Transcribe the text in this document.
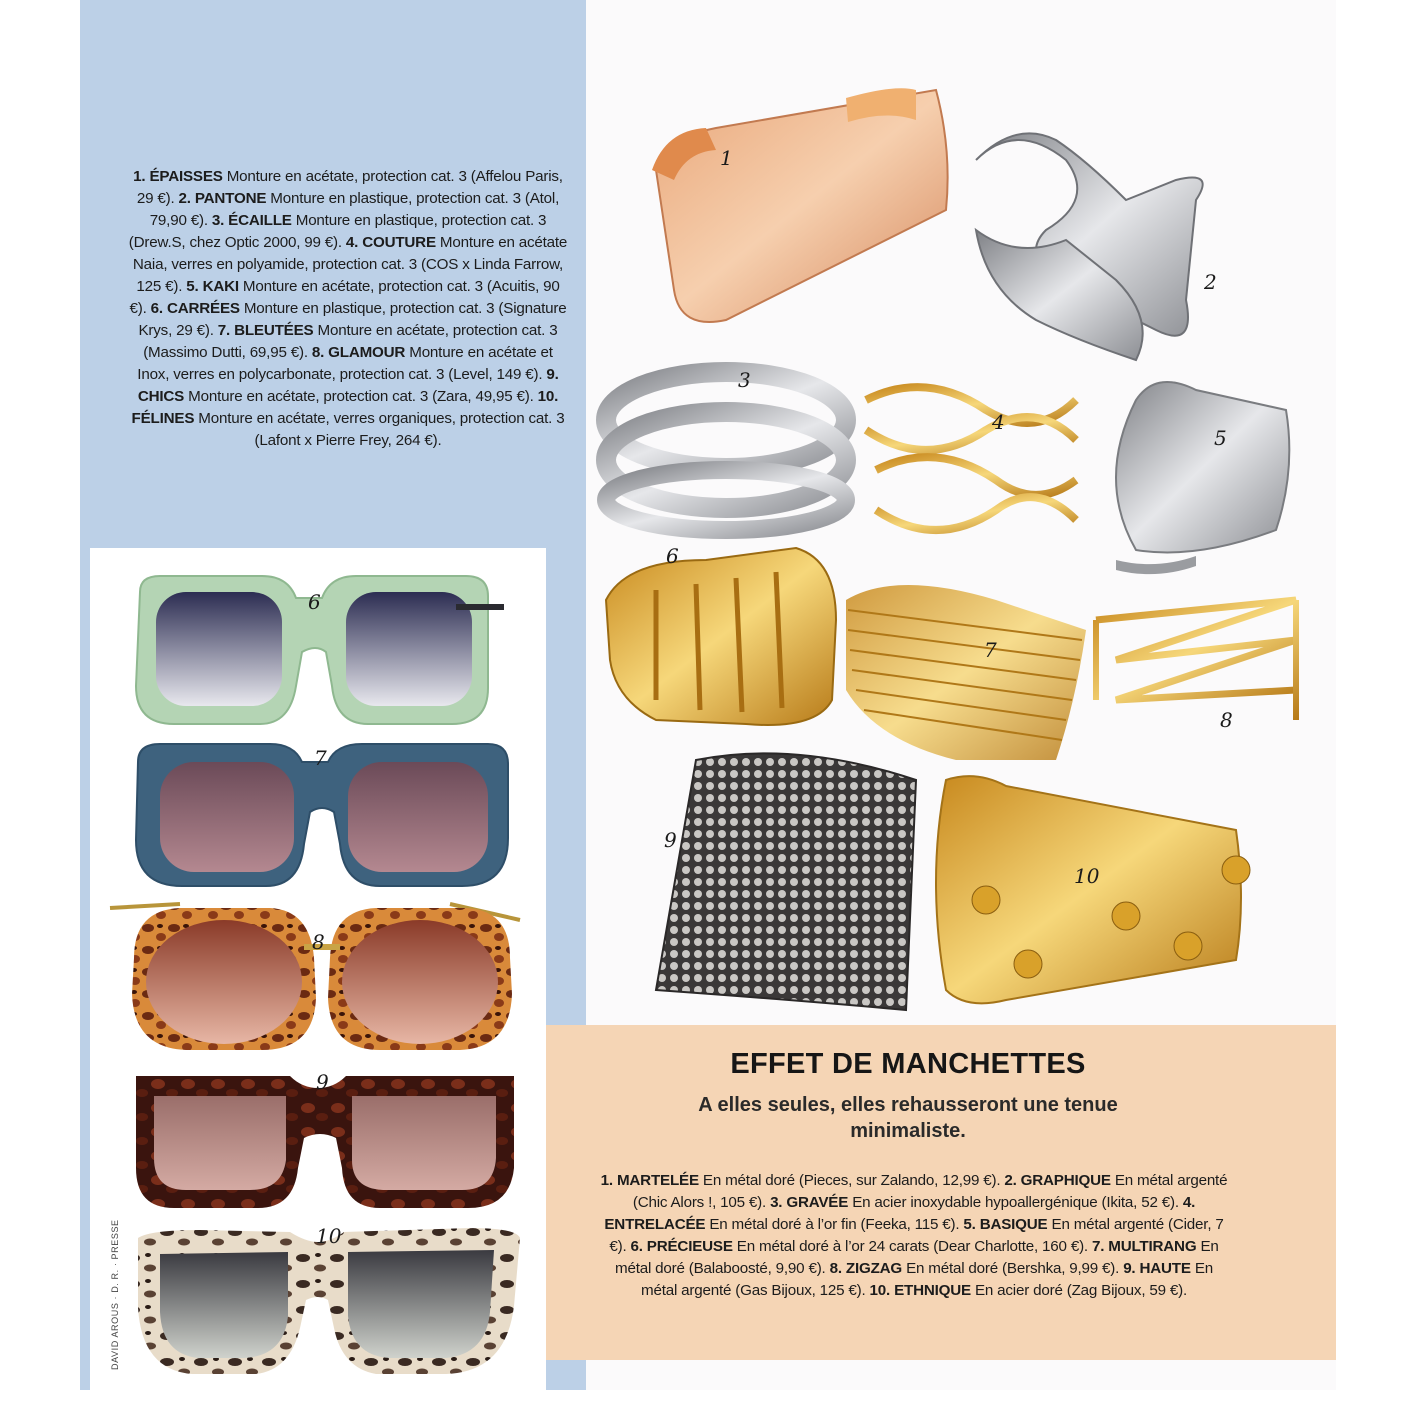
1. ÉPAISSES Monture en acétate, protection cat. 3 (Affelou Paris, 29 €). 2. PANTONE Monture en plastique, protection cat. 3 (Atol, 79,90 €). 3. ÉCAILLE Monture en plastique, protection cat. 3 (Drew.S, chez Optic 2000, 99 €). 4. COUTURE Monture en acétate Naia, verres en polyamide, protection cat. 3 (COS x Linda Farrow, 125 €). 5. KAKI Monture en acétate, protection cat. 3 (Acuitis, 90 €). 6. CARRÉES Monture en plastique, protection cat. 3 (Signature Krys, 29 €). 7. BLEUTÉES Monture en acétate, protection cat. 3 (Massimo Dutti, 69,95 €). 8. GLAMOUR Monture en acétate et Inox, verres en polycarbonate, protection cat. 3 (Level, 149 €). 9. CHICS Monture en acétate, protection cat. 3 (Zara, 49,95 €). 10. FÉLINES Monture en acétate, verres organiques, protection cat. 3 (Lafont x Pierre Frey, 264 €).
6
7
8
9
10
1
2
3
4
5
6
7
8
9
10
EFFET DE MANCHETTES
A elles seules, elles rehausseront une tenue minimaliste.
1. MARTELÉE En métal doré (Pieces, sur Zalando, 12,99 €). 2. GRAPHIQUE En métal argenté (Chic Alors !, 105 €). 3. GRAVÉE En acier inoxydable hypoallergénique (Ikita, 52 €). 4. ENTRELACÉE En métal doré à l’or fin (Feeka, 115 €). 5. BASIQUE En métal argenté (Cider, 7 €). 6. PRÉCIEUSE En métal doré à l’or 24 carats (Dear Charlotte, 160 €). 7. MULTIRANG En métal doré (Balaboosté, 9,90 €). 8. ZIGZAG En métal doré (Bershka, 9,99 €). 9. HAUTE En métal argenté (Gas Bijoux, 125 €). 10. ETHNIQUE En acier doré (Zag Bijoux, 59 €).
DAVID AROUS · D. R. · PRESSE
